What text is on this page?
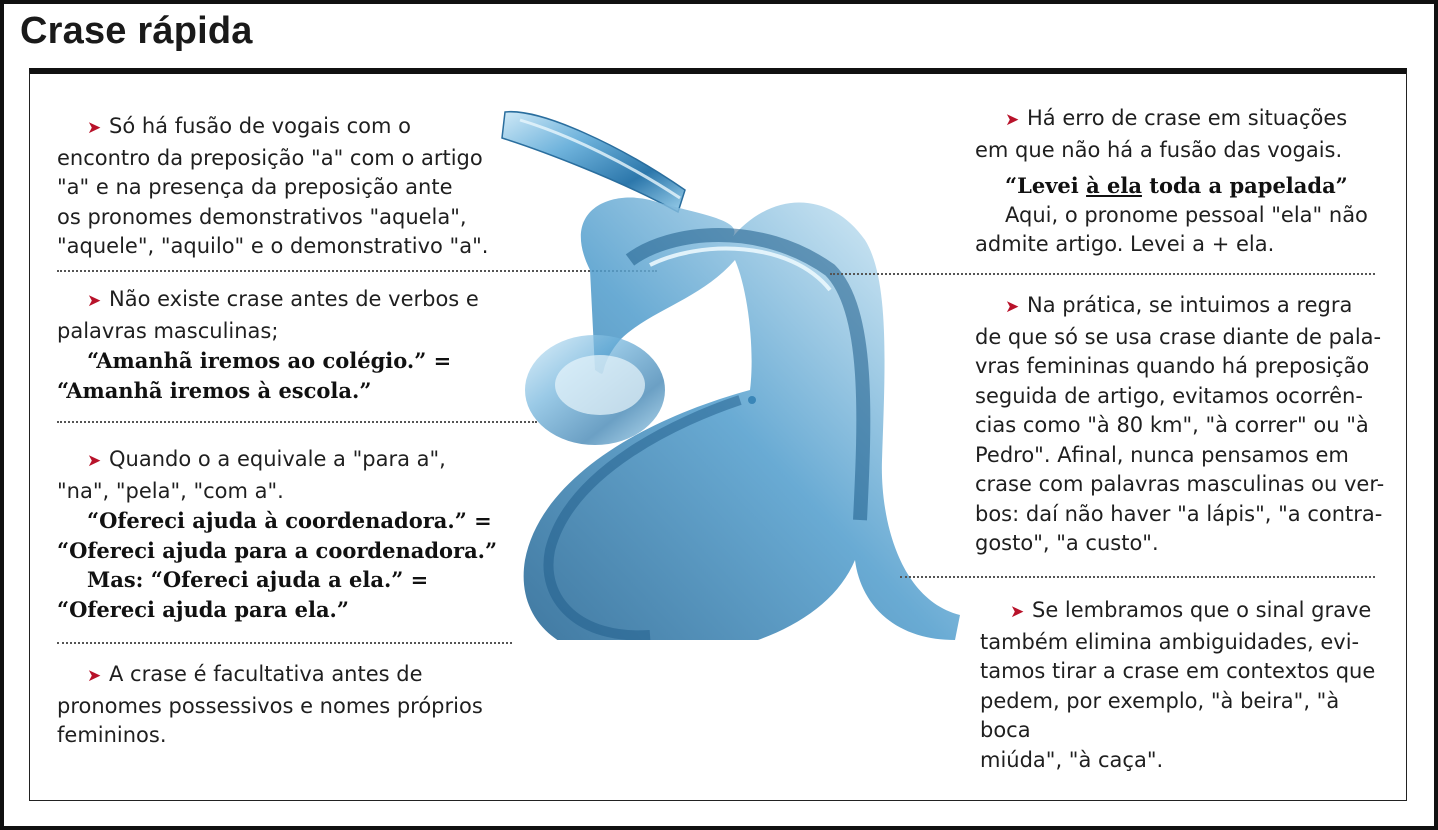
Crase rápida
➤ Só há fusão de vogais com o
encontro da preposição "a" com o artigo
"a" e na presença da preposição ante
os pronomes demonstrativos "aquela",
"aquele", "aquilo" e o demonstrativo "a".
➤ Não existe crase antes de verbos e
palavras masculinas;
“Amanhã iremos ao colégio.” =
“Amanhã iremos à escola.”
➤ Quando o a equivale a "para a",
"na", "pela", "com a".
“Ofereci ajuda à coordenadora.” =
“Ofereci ajuda para a coordenadora.”
Mas: “Ofereci ajuda a ela.” =
“Ofereci ajuda para ela.”
➤ A crase é facultativa antes de
pronomes possessivos e nomes próprios
femininos.
➤ Há erro de crase em situações
em que não há a fusão das vogais.
“Levei à ela toda a papelada”
Aqui, o pronome pessoal "ela" não
admite artigo. Levei a + ela.
➤ Na prática, se intuimos a regra
de que só se usa crase diante de pala-
vras femininas quando há preposição
seguida de artigo, evitamos ocorrên-
cias como "à 80 km", "à correr" ou "à
Pedro". Afinal, nunca pensamos em
crase com palavras masculinas ou ver-
bos: daí não haver "a lápis", "a contra-
gosto", "a custo".
➤ Se lembramos que o sinal grave
também elimina ambiguidades, evi-
tamos tirar a crase em contextos que
pedem, por exemplo, "à beira", "à boca
miúda", "à caça".
